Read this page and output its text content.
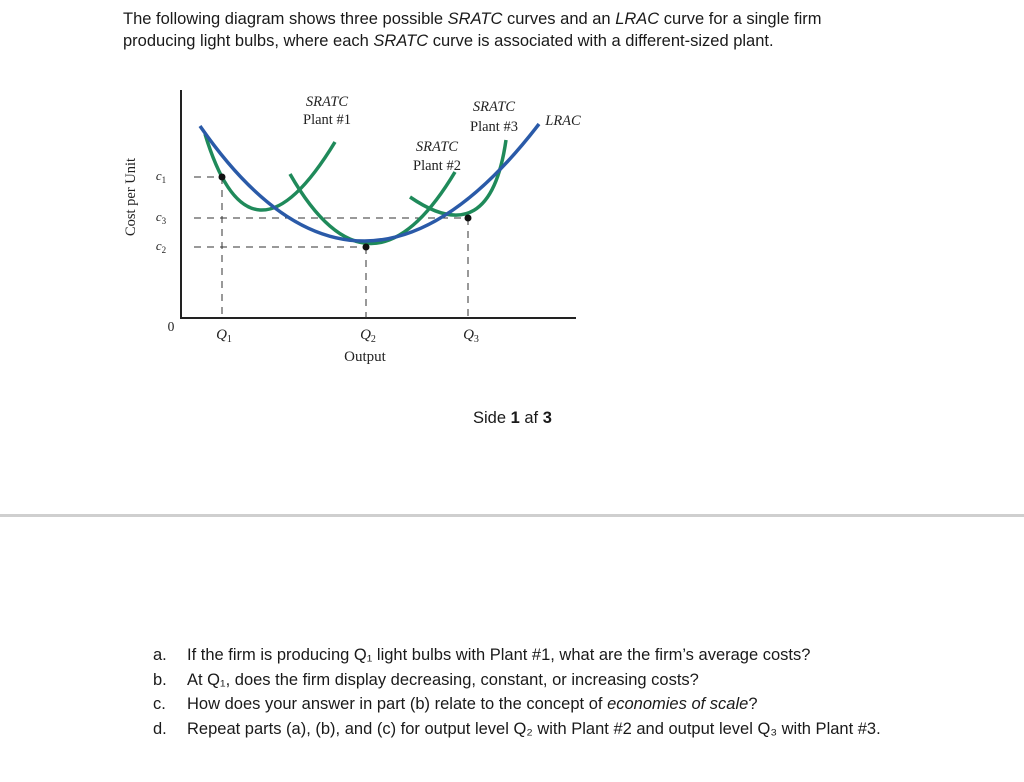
The following diagram shows three possible SRATC curves and an LRAC curve for a single firm producing light bulbs, where each SRATC curve is associated with a different-sized plant.

SRATC
Plant #1
SRATC
Plant #3
SRATC
Plant #2
LRAC
$c_1$
$c_3$
$c_2$
Cost per Unit
0
$Q_1$	$Q_2$	$Q_3$
Output

Side 1 af 3

a. If the firm is producing Q₁ light bulbs with Plant #1, what are the firm’s average costs?
b. At Q₁, does the firm display decreasing, constant, or increasing costs?
c. How does your answer in part (b) relate to the concept of economies of scale?
d. Repeat parts (a), (b), and (c) for output level Q₂ with Plant #2 and output level Q₃ with Plant #3.
